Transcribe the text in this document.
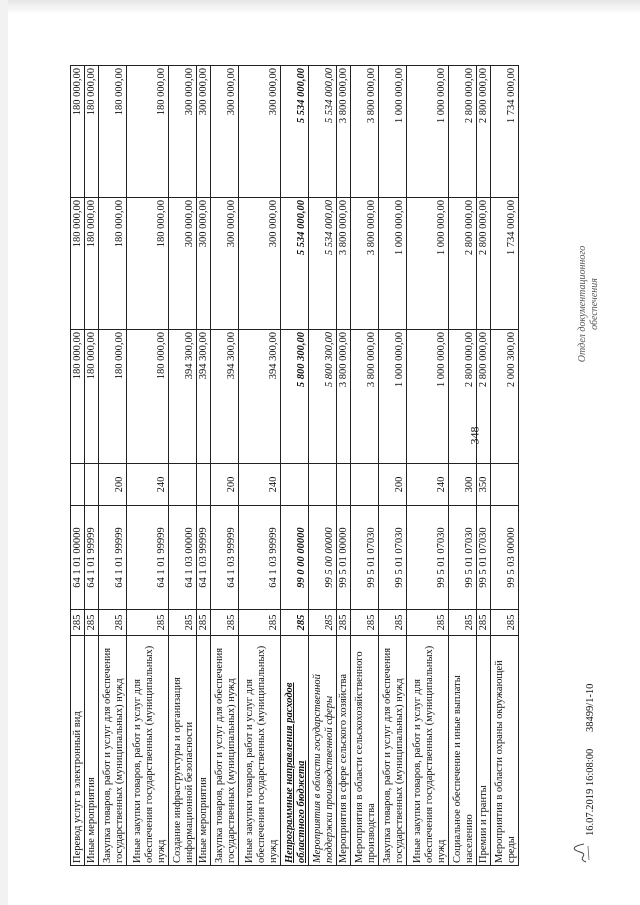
Перевод услуг в электронный вид	285	64 1 01 00000		180 000,00	180 000,00	180 000,00
Иные мероприятия	285	64 1 01 99999		180 000,00	180 000,00	180 000,00
Закупка товаров, работ и услуг для обеспечения государственных (муниципальных) нужд	285	64 1 01 99999	200	180 000,00	180 000,00	180 000,00
Иные закупки товаров, работ и услуг для обеспечения государственных (муниципальных) нужд	285	64 1 01 99999	240	180 000,00	180 000,00	180 000,00
Создание инфраструктуры и организация информационной безопасности	285	64 1 03 00000		394 300,00	300 000,00	300 000,00
Иные мероприятия	285	64 1 03 99999		394 300,00	300 000,00	300 000,00
Закупка товаров, работ и услуг для обеспечения государственных (муниципальных) нужд	285	64 1 03 99999	200	394 300,00	300 000,00	300 000,00
Иные закупки товаров, работ и услуг для обеспечения государственных (муниципальных) нужд	285	64 1 03 99999	240	394 300,00	300 000,00	300 000,00
Непрограммные направления расходов областного бюджета	285	99 0 00 00000		5 800 300,00	5 534 000,00	5 534 000,00
Мероприятия в области государственной поддержки производственной сферы	285	99 5 00 00000		5 800 300,00	5 534 000,00	5 534 000,00
Мероприятия в сфере сельского хозяйства	285	99 5 01 00000		3 800 000,00	3 800 000,00	3 800 000,00
Мероприятия в области сельскохозяйственного производства	285	99 5 01 07030		3 800 000,00	3 800 000,00	3 800 000,00
Закупка товаров, работ и услуг для обеспечения государственных (муниципальных) нужд	285	99 5 01 07030	200	1 000 000,00	1 000 000,00	1 000 000,00
Иные закупки товаров, работ и услуг для обеспечения государственных (муниципальных) нужд	285	99 5 01 07030	240	1 000 000,00	1 000 000,00	1 000 000,00
Социальное обеспечение и иные выплаты населению	285	99 5 01 07030	300	2 800 000,00	2 800 000,00	2 800 000,00
Премии и гранты	285	99 5 01 07030	350	2 800 000,00	2 800 000,00	2 800 000,00
Мероприятия в области охраны окружающей среды	285	99 5 03 00000		2 000 300,00	1 734 000,00	1 734 000,00
16.07.2019 16:08:00
38499/1-10
Отдел документационного обеспечения
348
